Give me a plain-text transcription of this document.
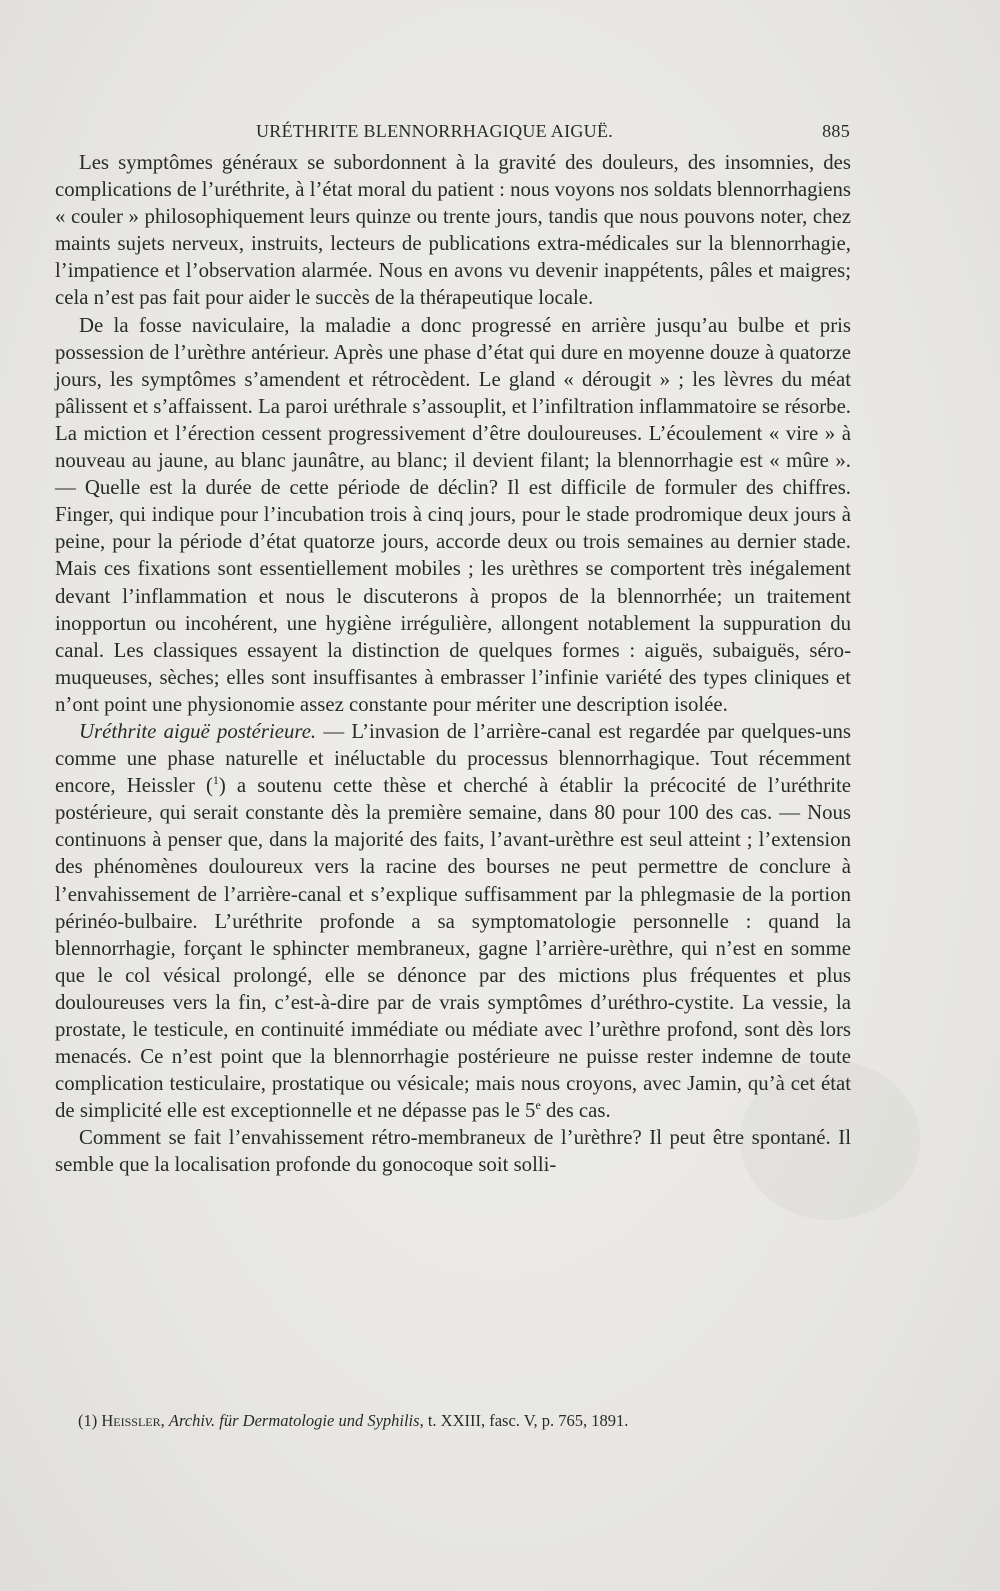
URÉTHRITE BLENNORRHAGIQUE AIGUË.	885

Les symptômes généraux se subordonnent à la gravité des douleurs, des insomnies, des complications de l’uréthrite, à l’état moral du patient : nous voyons nos soldats blennorrhagiens « couler » philosophiquement leurs quinze ou trente jours, tandis que nous pouvons noter, chez maints sujets nerveux, instruits, lecteurs de publications extra-médicales sur la blennorrhagie, l’impatience et l’observation alarmée. Nous en avons vu devenir inappétents, pâles et maigres; cela n’est pas fait pour aider le succès de la thérapeutique locale.

De la fosse naviculaire, la maladie a donc progressé en arrière jusqu’au bulbe et pris possession de l’urèthre antérieur. Après une phase d’état qui dure en moyenne douze à quatorze jours, les symptômes s’amendent et rétrocèdent. Le gland « dérougit » ; les lèvres du méat pâlissent et s’affaissent. La paroi uréthrale s’assouplit, et l’infiltration inflammatoire se résorbe. La miction et l’érection cessent progressivement d’être douloureuses. L’écoulement « vire » à nouveau au jaune, au blanc jaunâtre, au blanc; il devient filant; la blennorrhagie est « mûre ». — Quelle est la durée de cette période de déclin? Il est difficile de formuler des chiffres. Finger, qui indique pour l’incubation trois à cinq jours, pour le stade prodromique deux jours à peine, pour la période d’état quatorze jours, accorde deux ou trois semaines au dernier stade. Mais ces fixations sont essentiellement mobiles ; les urèthres se comportent très inégalement devant l’inflammation et nous le discuterons à propos de la blennorrhée; un traitement inopportun ou incohérent, une hygiène irrégulière, allongent notablement la suppuration du canal. Les classiques essayent la distinction de quelques formes : aiguës, subaiguës, séro-muqueuses, sèches; elles sont insuffisantes à embrasser l’infinie variété des types cliniques et n’ont point une physionomie assez constante pour mériter une description isolée.

Uréthrite aiguë postérieure. — L’invasion de l’arrière-canal est regardée par quelques-uns comme une phase naturelle et inéluctable du processus blennorrhagique. Tout récemment encore, Heissler ($^1$) a soutenu cette thèse et cherché à établir la précocité de l’uréthrite postérieure, qui serait constante dès la première semaine, dans 80 pour 100 des cas. — Nous continuons à penser que, dans la majorité des faits, l’avant-urèthre est seul atteint ; l’extension des phénomènes douloureux vers la racine des bourses ne peut permettre de conclure à l’envahissement de l’arrière-canal et s’explique suffisamment par la phlegmasie de la portion périnéo-bulbaire. L’uréthrite profonde a sa symptomatologie personnelle : quand la blennorrhagie, forçant le sphincter membraneux, gagne l’arrière-urèthre, qui n’est en somme que le col vésical prolongé, elle se dénonce par des mictions plus fréquentes et plus douloureuses vers la fin, c’est-à-dire par de vrais symptômes d’uréthro-cystite. La vessie, la prostate, le testicule, en continuité immédiate ou médiate avec l’urèthre profond, sont dès lors menacés. Ce n’est point que la blennorrhagie postérieure ne puisse rester indemne de toute complication testiculaire, prostatique ou vésicale; mais nous croyons, avec Jamin, qu’à cet état de simplicité elle est exceptionnelle et ne dépasse pas le 5e des cas.

Comment se fait l’envahissement rétro-membraneux de l’urèthre? Il peut être spontané. Il semble que la localisation profonde du gonocoque soit solli-

(1) Heissler, Archiv. für Dermatologie und Syphilis, t. XXIII, fasc. V, p. 765, 1891.
